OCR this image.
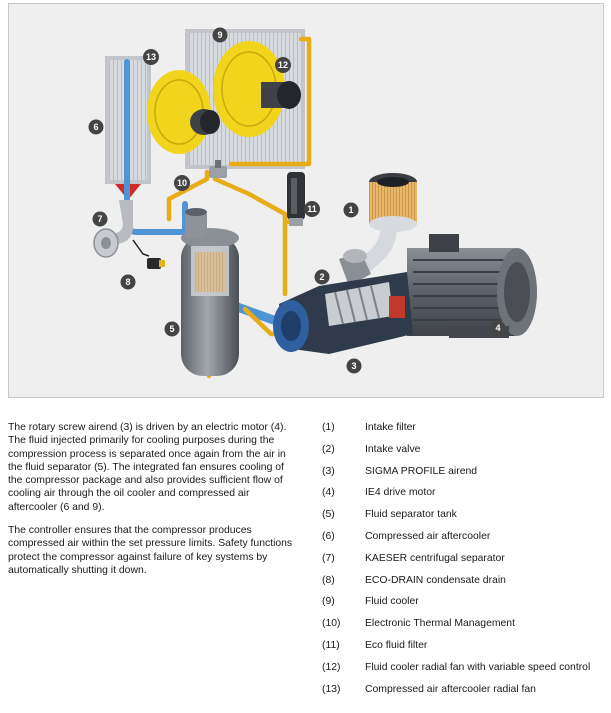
1
2
3
4
5
6
7
8
9
10
11
12
13

The rotary screw airend (3) is driven by an electric motor (4). The fluid injected primarily for cooling purposes during the compression process is separated once again from the air in the fluid separator (5). The integrated fan ensures cooling of the compressor package and also provides sufficient flow of cooling air through the oil cooler and compressed air aftercooler (6 and 9).

The controller ensures that the compressor produces compressed air within the set pressure limits. Safety functions protect the compressor against failure of key systems by automatically shutting it down.

(1)	Intake filter
(2)	Intake valve
(3)	SIGMA PROFILE airend
(4)	IE4 drive motor
(5)	Fluid separator tank
(6)	Compressed air aftercooler
(7)	KAESER centrifugal separator
(8)	ECO-DRAIN condensate drain
(9)	Fluid cooler
(10) Electronic Thermal Management
(11) Eco fluid filter
(12) Fluid cooler radial fan with variable speed control
(13) Compressed air aftercooler radial fan
